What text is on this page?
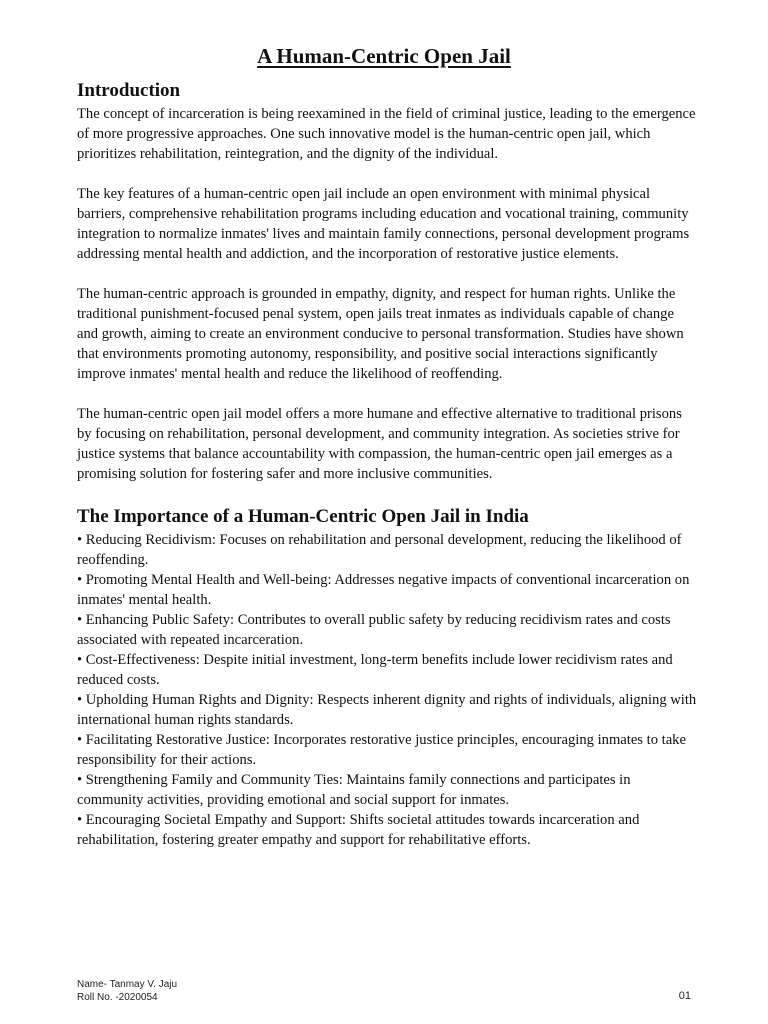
A Human-Centric Open Jail
Introduction

The concept of incarceration is being reexamined in the field of criminal justice, leading to the emergence of more progressive approaches. One such innovative model is the human-centric open jail, which prioritizes rehabilitation, reintegration, and the dignity of the individual.

The key features of a human-centric open jail include an open environment with minimal physical barriers, comprehensive rehabilitation programs including education and vocational training, community integration to normalize inmates' lives and maintain family connections, personal development programs addressing mental health and addiction, and the incorporation of restorative justice elements.

The human-centric approach is grounded in empathy, dignity, and respect for human rights. Unlike the traditional punishment-focused penal system, open jails treat inmates as individuals capable of change and growth, aiming to create an environment conducive to personal transformation. Studies have shown that environments promoting autonomy, responsibility, and positive social interactions significantly improve inmates' mental health and reduce the likelihood of reoffending.

The human-centric open jail model offers a more humane and effective alternative to traditional prisons by focusing on rehabilitation, personal development, and community integration. As societies strive for justice systems that balance accountability with compassion, the human-centric open jail emerges as a promising solution for fostering safer and more inclusive communities.

The Importance of a Human-Centric Open Jail in India
• Reducing Recidivism: Focuses on rehabilitation and personal development, reducing the likelihood of reoffending.
• Promoting Mental Health and Well-being: Addresses negative impacts of conventional incarceration on inmates' mental health.
• Enhancing Public Safety: Contributes to overall public safety by reducing recidivism rates and costs associated with repeated incarceration.
• Cost-Effectiveness: Despite initial investment, long-term benefits include lower recidivism rates and reduced costs.
• Upholding Human Rights and Dignity: Respects inherent dignity and rights of individuals, aligning with international human rights standards.
• Facilitating Restorative Justice: Incorporates restorative justice principles, encouraging inmates to take responsibility for their actions.
• Strengthening Family and Community Ties: Maintains family connections and participates in community activities, providing emotional and social support for inmates.
• Encouraging Societal Empathy and Support: Shifts societal attitudes towards incarceration and rehabilitation, fostering greater empathy and support for rehabilitative efforts.
Name- Tanmay V. Jaju
Roll No. -2020054	01
